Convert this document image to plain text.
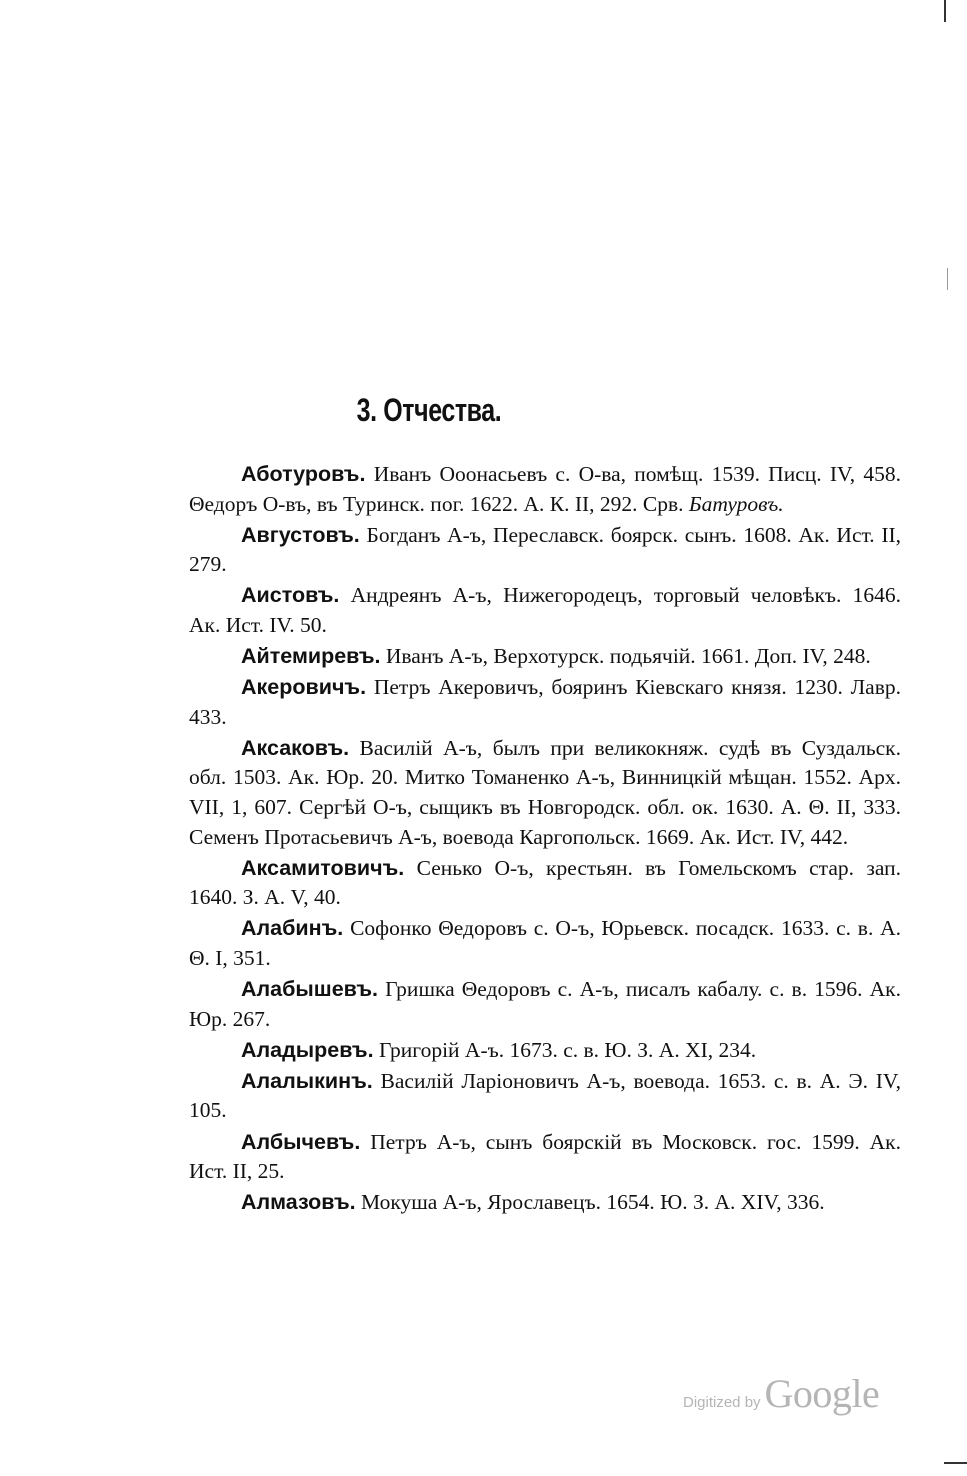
3. Отчества.

Аботуровъ. Иванъ Ооонасьевъ с. О-ва, помѣщ. 1539. Писц. IV, 458. Θедоръ О-въ, въ Туринск. пог. 1622. А. К. II, 292. Срв. Батуровъ.

Августовъ. Богданъ А-ъ, Переславск. боярск. сынъ. 1608. Ак. Ист. II, 279.

Аистовъ. Андреянъ А-ъ, Нижегородецъ, торговый человѣкъ. 1646. Ак. Ист. IV. 50.

Айтемиревъ. Иванъ А-ъ, Верхотурск. подьячій. 1661. Доп. IV, 248.

Акеровичъ. Петръ Акеровичъ, бояринъ Кіевскаго князя. 1230. Лавр. 433.

Аксаковъ. Василій А-ъ, былъ при великокняж. судѣ въ Суздальск. обл. 1503. Ак. Юр. 20. Митко Томаненко А-ъ, Винницкій мѣщан. 1552. Арх. VII, 1, 607. Сергѣй О-ъ, сыщикъ въ Новгородск. обл. ок. 1630. А. Θ. II, 333. Семенъ Протасьевичъ А-ъ, воевода Каргопольск. 1669. Ак. Ист. IV, 442.

Аксамитовичъ. Сенько О-ъ, крестьян. въ Гомельскомъ стар. зап. 1640. З. А. V, 40.

Алабинъ. Софонко Θедоровъ с. О-ъ, Юрьевск. посадск. 1633. с. в. А. Θ. I, 351.

Алабышевъ. Гришка Θедоровъ с. А-ъ, писалъ кабалу. с. в. 1596. Ак. Юр. 267.

Аладыревъ. Григорій А-ъ. 1673. с. в. Ю. З. А. XI, 234.

Алалыкинъ. Василій Ларіоновичъ А-ъ, воевода. 1653. с. в. А. Э. IV, 105.

Албычевъ. Петръ А-ъ, сынъ боярскій въ Московск. гос. 1599. Ак. Ист. II, 25.

Алмазовъ. Мокуша А-ъ, Ярославецъ. 1654. Ю. З. А. XIV, 336.

Digitized by Google
